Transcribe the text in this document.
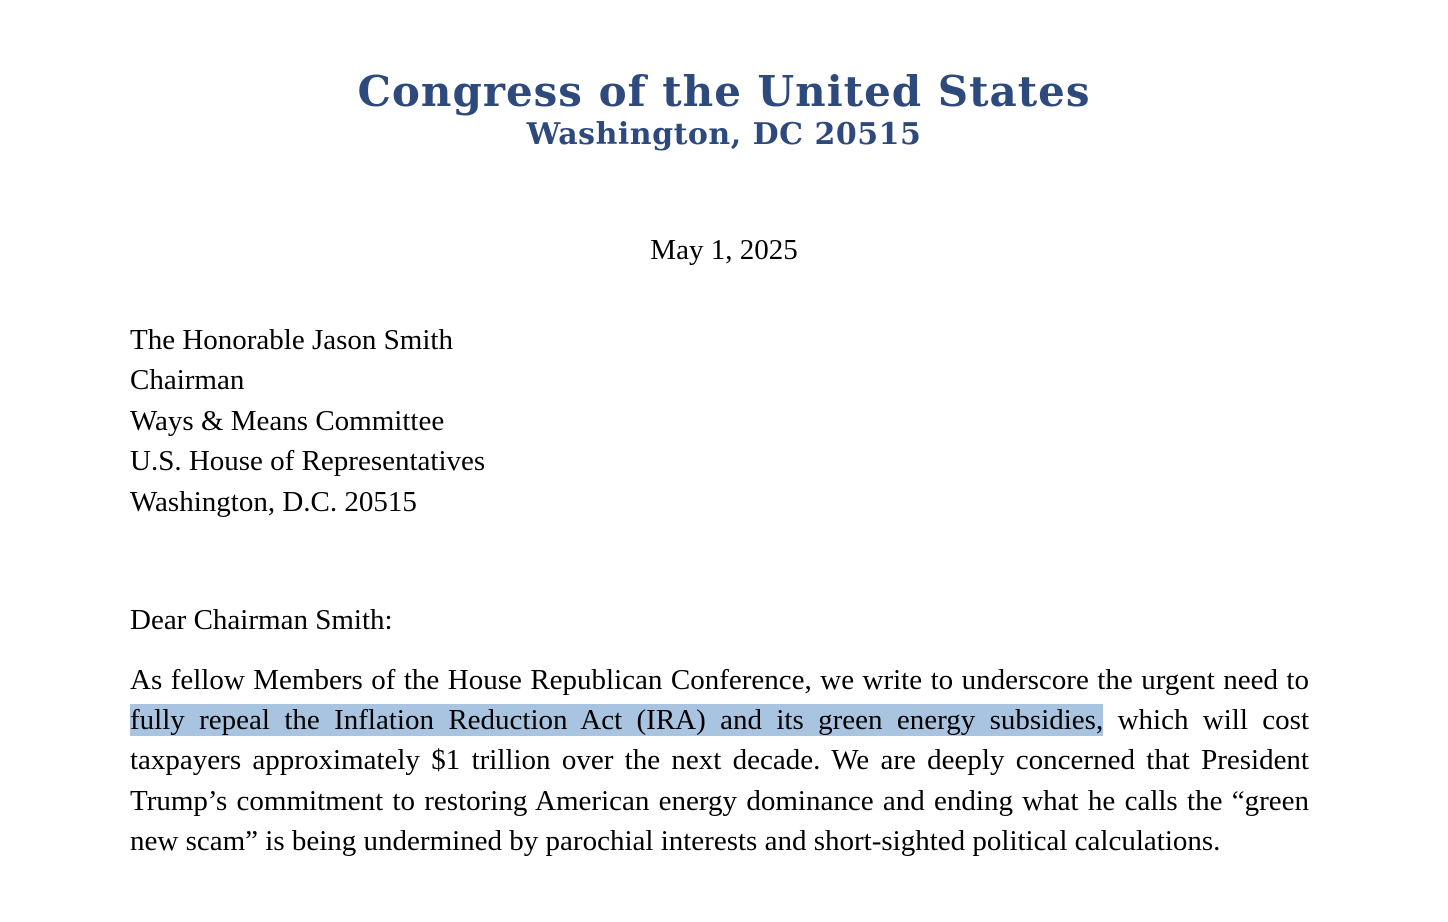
Congress of the United States
Washington, DC 20515
May 1, 2025
The Honorable Jason Smith
Chairman
Ways & Means Committee
U.S. House of Representatives
Washington, D.C. 20515
Dear Chairman Smith:

As fellow Members of the House Republican Conference, we write to underscore the urgent need to fully repeal the Inflation Reduction Act (IRA) and its green energy subsidies, which will cost taxpayers approximately $1 trillion over the next decade. We are deeply concerned that President Trump’s commitment to restoring American energy dominance and ending what he calls the “green new scam” is being undermined by parochial interests and short-sighted political calculations.
